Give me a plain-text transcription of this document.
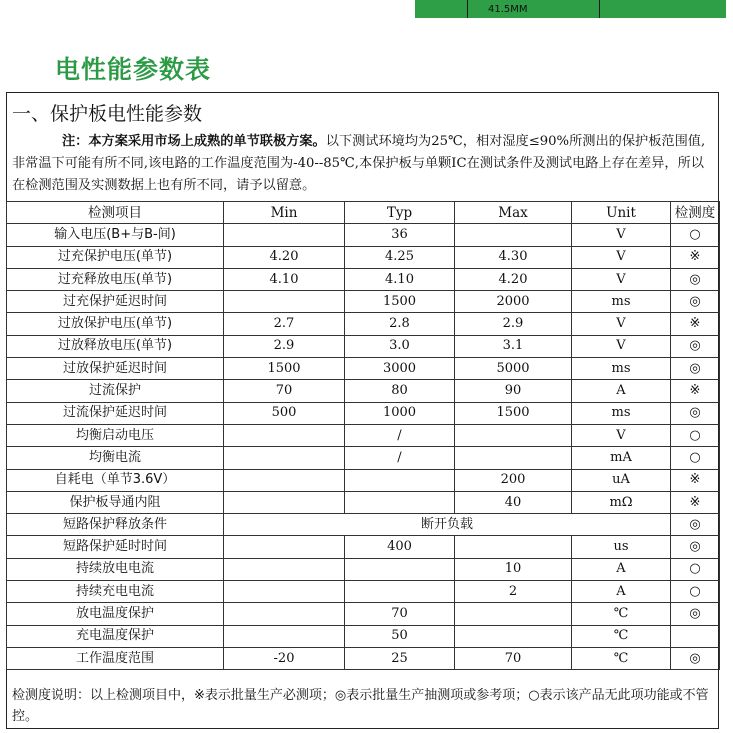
41.5MM
电性能参数表
一、保护板电性能参数
注：本方案采用市场上成熟的单节联极方案。以下测试环境均为25℃，相对湿度≤90%所测出的保护板范围值,非常温下可能有所不同,该电路的工作温度范围为-40--85℃,本保护板与单颗IC在测试条件及测试电路上存在差异，所以在检测范围及实测数据上也有所不同，请予以留意。
检测项目	Min	Typ	Max	Unit	检测度
输入电压(B+与B-间)		36		V	○
过充保护电压(单节)	4.20	4.25	4.30	V	※
过充释放电压(单节)	4.10	4.10	4.20	V	◎
过充保护延迟时间		1500	2000	ms	◎
过放保护电压(单节)	2.7	2.8	2.9	V	※
过放释放电压(单节)	2.9	3.0	3.1	V	◎
过放保护延迟时间	1500	3000	5000	ms	◎
过流保护	70	80	90	A	※
过流保护延迟时间	500	1000	1500	ms	◎
均衡启动电压		/		V	○
均衡电流		/		mA	○
自耗电（单节3.6V）			200	uA	※
保护板导通内阻			40	mΩ	※
短路保护释放条件	断开负载				◎
短路保护延时时间		400		us	◎
持续放电电流			10	A	○
持续充电电流			2	A	○
放电温度保护		70		℃	◎
充电温度保护		50		℃	
工作温度范围	-20	25	70	℃	◎
检测度说明：以上检测项目中，※表示批量生产必测项；◎表示批量生产抽测项或参考项；○表示该产品无此项功能或不管控。
